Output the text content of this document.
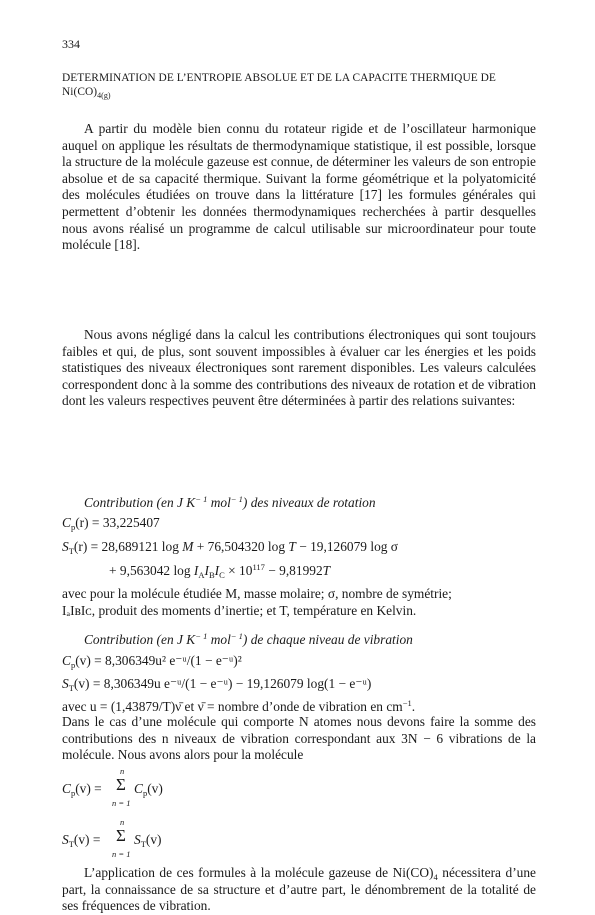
334
DETERMINATION DE L’ENTROPIE ABSOLUE ET DE LA CAPACITE THERMIQUE DE $Ni(CO)_{4(g)}$

A partir du modèle bien connu du rotateur rigide et de l’oscillateur harmonique auquel on applique les résultats de thermodynamique statistique, il est possible, lorsque la structure de la molécule gazeuse est connue, de déterminer les valeurs de son entropie absolue et de sa capacité thermique. Suivant la forme géométrique et la polyatomicité des molécules étudiées on trouve dans la littérature [17] les formules générales qui permettent d’obtenir les données thermodynamiques recherchées à partir desquelles nous avons réalisé un programme de calcul utilisable sur microordinateur pour toute molécule [18].

Nous avons négligé dans la calcul les contributions électroniques qui sont toujours faibles et qui, de plus, sont souvent impossibles à évaluer car les énergies et les poids statistiques des niveaux électroniques sont rarement disponibles. Les valeurs calculées correspondent donc à la somme des contributions des niveaux de rotation et de vibration dont les valeurs respectives peuvent être déterminées à partir des relations suivantes:

Contribution (en J $K^{- 1}$ mol$^{- 1}$) des niveaux de rotation
$C_p(r) = 33,225407$
$S_T(r) = 28,689121$ log M + 76,504320 log T − 19,126079 log σ
+ 9,563042 $\log I_AI_BI_C \times 10^{117} - 9,81992T$
avec pour la molécule étudiée M, masse molaire; σ, nombre de symétrie;
IₐIʙIᴄ, produit des moments d’inertie; et T, température en Kelvin.
Contribution (en J $K^{- 1}$ mol$^{- 1}$) de chaque niveau de vibration
$C_p(v) = 8,306349u^2$ e⁻ᵘ/(1 − e⁻ᵘ)²
$S_T(v) = 8,306349u$ e⁻ᵘ/(1 − e⁻ᵘ) − 19,126079 log(1 − e⁻ᵘ)
avec u = (1,43879/T)ν̄ et ν̄ = nombre d’onde de vibration en $cm^{-1}$.

Dans le cas d’une molécule qui comporte N atomes nous devons faire la somme des contributions des n niveaux de vibration correspondant aux 3N − 6 vibrations de la molécule. Nous avons alors pour la molécule

n
$C_p(v) = \Sigma$ $C_p(v)$
n = 1
n
$S_T(v) = \Sigma$ $S_T(v)$
n = 1

L’application de ces formules à la molécule gazeuse de $Ni(CO)_4$ nécessitera d’une part, la connaissance de sa structure et d’autre part, le dénombrement de la totalité de ses fréquences de vibration.
